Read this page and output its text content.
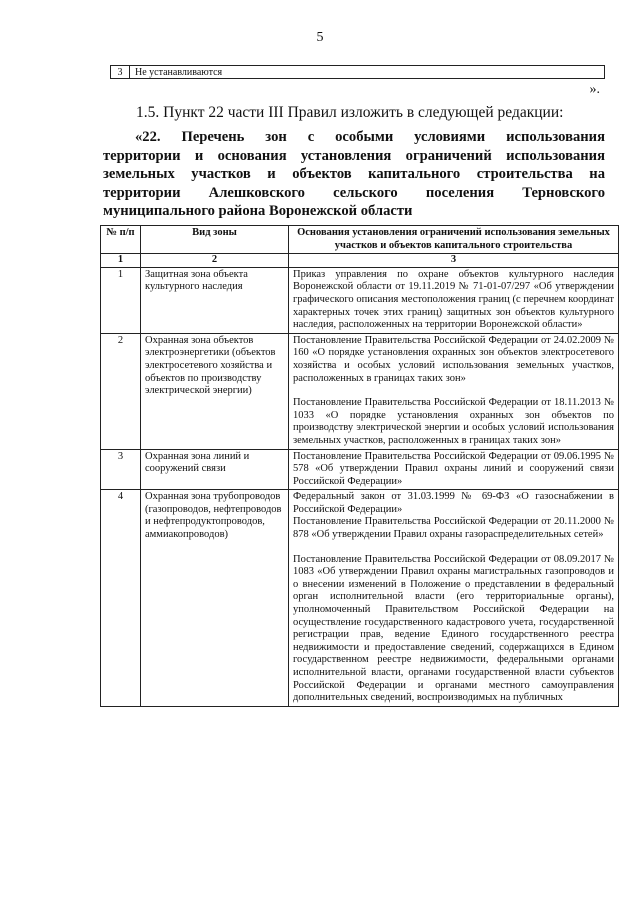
5
3	Не устанавливаются
».
1.5. Пункт 22 части III Правил изложить в следующей редакции:
«22. Перечень зон с особыми условиями использования
территории и основания установления ограничений использования
земельных участков и объектов капитального строительства на
территории Алешковского сельского поселения Терновского
муниципального района Воронежской области
№ п/п	Вид зоны	Основания установления ограничений использования земельных участков и объектов капитального строительства
1	2	3
1	Защитная зона объекта культурного наследия	Приказ управления по охране объектов культурного наследия Воронежской области от 19.11.2019 № 71-01-07/297 «Об утверждении графического описания местоположения границ (с перечнем координат характерных точек этих границ) защитных зон объектов культурного наследия, расположенных на территории Воронежской области»

2	Охранная зона объектов электроэнергетики (объектов электросетевого хозяйства и объектов по производству электрической энергии)	Постановление Правительства Российской Федерации от 24.02.2009 № 160 «О порядке установления охранных зон объектов электросетевого хозяйства и особых условий использования земельных участков, расположенных в границах таких зон»
Постановление Правительства Российской Федерации от 18.11.2013 № 1033 «О порядке установления охранных зон объектов по производству электрической энергии и особых условий использования земельных участков, расположенных в границах таких зон»

3	Охранная зона линий и сооружений связи	Постановление Правительства Российской Федерации от 09.06.1995 № 578 «Об утверждении Правил охраны линий и сооружений связи Российской Федерации»

4	Охранная зона трубопроводов (газопроводов, нефтепроводов и нефтепродуктопроводов, аммиакопроводов)	Федеральный закон от 31.03.1999 № 69-ФЗ «О газоснабжении в Российской Федерации»
Постановление Правительства Российской Федерации от 20.11.2000 № 878 «Об утверждении Правил охраны газораспределительных сетей»
Постановление Правительства Российской Федерации от 08.09.2017 № 1083 «Об утверждении Правил охраны магистральных газопроводов и о внесении изменений в Положение о представлении в федеральный орган исполнительной власти (его территориальные органы), уполномоченный Правительством Российской Федерации на осуществление государственного кадастрового учета, государственной регистрации прав, ведение Единого государственного реестра недвижимости и предоставление сведений, содержащихся в Едином государственном реестре недвижимости, федеральными органами исполнительной власти, органами государственной власти субъектов Российской Федерации и органами местного самоуправления дополнительных сведений, воспроизводимых на публичных
